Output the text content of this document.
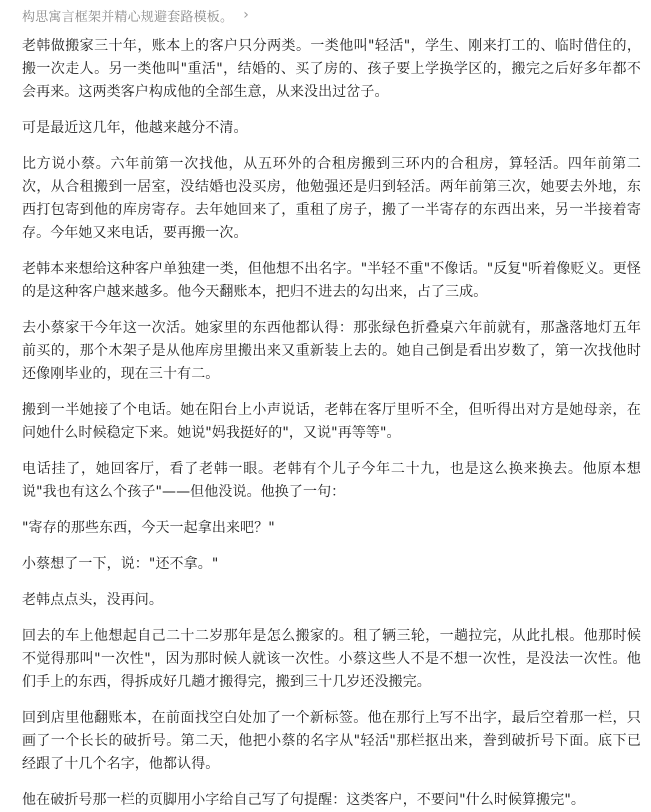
构思寓言框架并精心规避套路模板。 ›

老韩做搬家三十年，账本上的客户只分两类。一类他叫"轻活"，学生、刚来打工的、临时借住的，搬一次走人。另一类他叫"重活"，结婚的、买了房的、孩子要上学换学区的，搬完之后好多年都不会再来。这两类客户构成他的全部生意，从来没出过岔子。

可是最近这几年，他越来越分不清。

比方说小蔡。六年前第一次找他，从五环外的合租房搬到三环内的合租房，算轻活。四年前第二次，从合租搬到一居室，没结婚也没买房，他勉强还是归到轻活。两年前第三次，她要去外地，东西打包寄到他的库房寄存。去年她回来了，重租了房子，搬了一半寄存的东西出来，另一半接着寄存。今年她又来电话，要再搬一次。

老韩本来想给这种客户单独建一类，但他想不出名字。"半轻不重"不像话。"反复"听着像贬义。更怪的是这种客户越来越多。他今天翻账本，把归不进去的勾出来，占了三成。

去小蔡家干今年这一次活。她家里的东西他都认得：那张绿色折叠桌六年前就有，那盏落地灯五年前买的，那个木架子是从他库房里搬出来又重新装上去的。她自己倒是看出岁数了，第一次找他时还像刚毕业的，现在三十有二。

搬到一半她接了个电话。她在阳台上小声说话，老韩在客厅里听不全，但听得出对方是她母亲，在问她什么时候稳定下来。她说"妈我挺好的"，又说"再等等"。

电话挂了，她回客厅，看了老韩一眼。老韩有个儿子今年二十九，也是这么换来换去。他原本想说"我也有这么个孩子"——但他没说。他换了一句：

"寄存的那些东西，今天一起拿出来吧？"

小蔡想了一下，说："还不拿。"

老韩点点头，没再问。

回去的车上他想起自己二十二岁那年是怎么搬家的。租了辆三轮，一趟拉完，从此扎根。他那时候不觉得那叫"一次性"，因为那时候人就该一次性。小蔡这些人不是不想一次性，是没法一次性。他们手上的东西，得拆成好几趟才搬得完，搬到三十几岁还没搬完。

回到店里他翻账本，在前面找空白处加了一个新标签。他在那行上写不出字，最后空着那一栏，只画了一个长长的破折号。第二天，他把小蔡的名字从"轻活"那栏抠出来，誊到破折号下面。底下已经跟了十几个名字，他都认得。

他在破折号那一栏的页脚用小字给自己写了句提醒：这类客户，不要问"什么时候算搬完"。
